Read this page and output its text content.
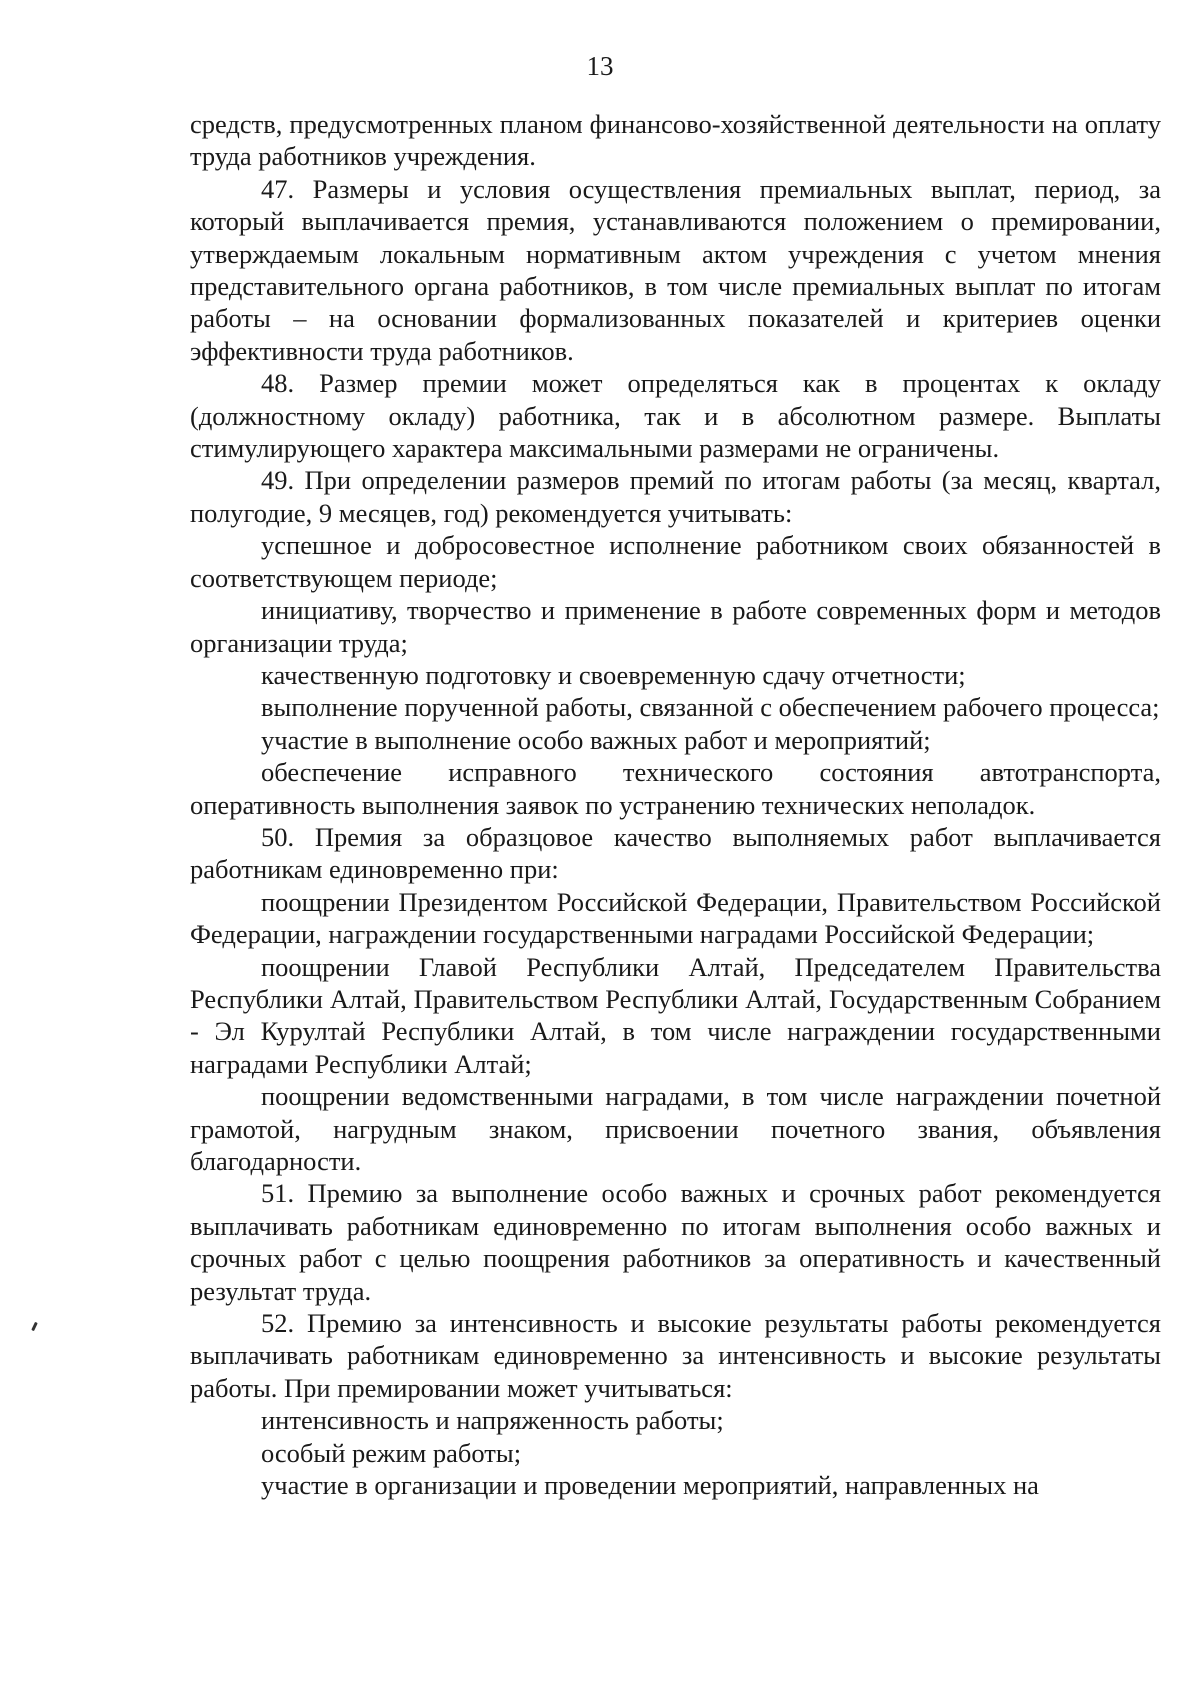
13

средств, предусмотренных планом финансово-хозяйственной деятельности на оплату труда работников учреждения.

47. Размеры и условия осуществления премиальных выплат, период, за который выплачивается премия, устанавливаются положением о премировании, утверждаемым локальным нормативным актом учреждения с учетом мнения представительного органа работников, в том числе премиальных выплат по итогам работы – на основании формализованных показателей и критериев оценки эффективности труда работников.

48. Размер премии может определяться как в процентах к окладу (должностному окладу) работника, так и в абсолютном размере. Выплаты стимулирующего характера максимальными размерами не ограничены.

49. При определении размеров премий по итогам работы (за месяц, квартал, полугодие, 9 месяцев, год) рекомендуется учитывать:

успешное и добросовестное исполнение работником своих обязанностей в соответствующем периоде;

инициативу, творчество и применение в работе современных форм и методов организации труда;

качественную подготовку и своевременную сдачу отчетности;

выполнение порученной работы, связанной с обеспечением рабочего процесса;

участие в выполнение особо важных работ и мероприятий;

обеспечение исправного технического состояния автотранспорта, оперативность выполнения заявок по устранению технических неполадок.

50. Премия за образцовое качество выполняемых работ выплачивается работникам единовременно при:

поощрении Президентом Российской Федерации, Правительством Российской Федерации, награждении государственными наградами Российской Федерации;

поощрении Главой Республики Алтай, Председателем Правительства Республики Алтай, Правительством Республики Алтай, Государственным Собранием - Эл Курултай Республики Алтай, в том числе награждении государственными наградами Республики Алтай;

поощрении ведомственными наградами, в том числе награждении почетной грамотой, нагрудным знаком, присвоении почетного звания, объявления благодарности.

51. Премию за выполнение особо важных и срочных работ рекомендуется выплачивать работникам единовременно по итогам выполнения особо важных и срочных работ с целью поощрения работников за оперативность и качественный результат труда.

52. Премию за интенсивность и высокие результаты работы рекомендуется выплачивать работникам единовременно за интенсивность и высокие результаты работы. При премировании может учитываться:

интенсивность и напряженность работы;

особый режим работы;

участие в организации и проведении мероприятий, направленных на
